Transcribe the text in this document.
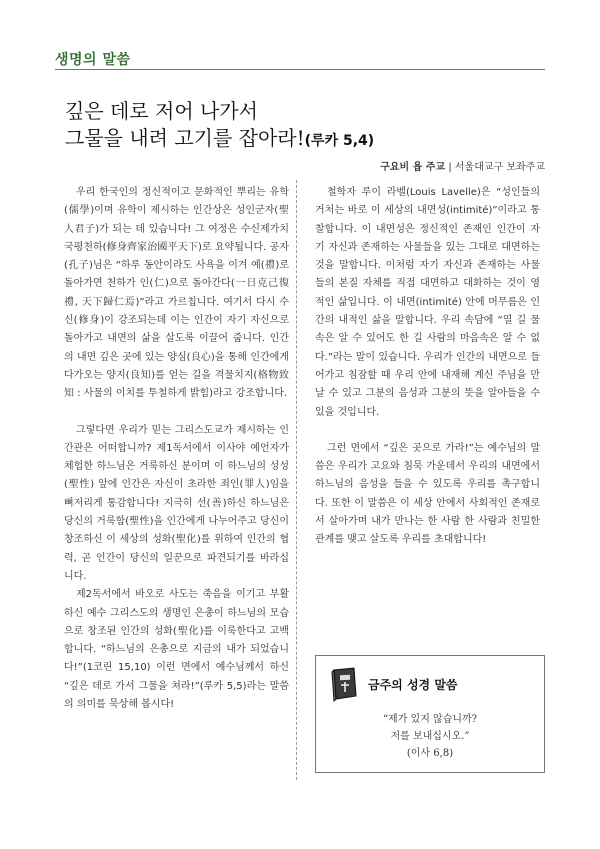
생명의 말씀
깊은 데로 저어 나가서
그물을 내려 고기를 잡아라!(루카 5,4)
구요비 욥 주교 | 서울대교구 보좌주교

우리 한국인의 정신적이고 문화적인 뿌리는 유학(儒學)이며 유학이 제시하는 인간상은 성인군자(聖人君子)가 되는 데 있습니다! 그 여정은 수신제가치국평천하(修身齊家治國平天下)로 요약됩니다. 공자(孔子)님은 “하루 동안이라도 사욕을 이겨 예(禮)로 돌아가면 천하가 인(仁)으로 돌아간다(一日克己復禮, 天下歸仁焉)”라고 가르칩니다. 여기서 다시 수신(修身)이 강조되는데 이는 인간이 자기 자신으로 돌아가고 내면의 삶을 살도록 이끌어 줍니다. 인간의 내면 깊은 곳에 있는 양심(良心)을 통해 인간에게 다가오는 양지(良知)를 얻는 길을 격물치지(格物致知 : 사물의 이치를 투철하게 밝힘)라고 강조합니다.

그렇다면 우리가 믿는 그리스도교가 제시하는 인간관은 어떠합니까? 제1독서에서 이사야 예언자가 체험한 하느님은 거룩하신 분이며 이 하느님의 성성(聖性) 앞에 인간은 자신이 초라한 죄인(罪人)임을 뼈저리게 통감합니다! 지극히 선(善)하신 하느님은 당신의 거룩함(聖性)을 인간에게 나누어주고 당신이 창조하신 이 세상의 성화(聖化)를 위하여 인간의 협력, 곧 인간이 당신의 일꾼으로 파견되기를 바라십니다.

제2독서에서 바오로 사도는 죽음을 이기고 부활하신 예수 그리스도의 생명인 은총이 하느님의 모습으로 창조된 인간의 성화(聖化)를 이룩한다고 고백합니다. “하느님의 은총으로 지금의 내가 되었습니다!”(1코린 15,10) 이런 면에서 예수님께서 하신 “깊은 데로 가서 그물을 쳐라!”(루카 5,5)라는 말씀의 의미를 묵상해 봅시다!

철학자 루이 라벨(Louis Lavelle)은 “성인들의 거처는 바로 이 세상의 내면성(intimité)”이라고 통찰합니다. 이 내면성은 정신적인 존재인 인간이 자기 자신과 존재하는 사물들을 있는 그대로 대면하는 것을 말합니다. 이처럼 자기 자신과 존재하는 사물들의 본질 자체를 직접 대면하고 대화하는 것이 영적인 삶입니다. 이 내면(intimité) 안에 머무름은 인간의 내적인 삶을 말합니다. 우리 속담에 “열 길 물속은 알 수 있어도 한 길 사람의 마음속은 알 수 없다.”라는 말이 있습니다. 우리가 인간의 내면으로 들어가고 침잠할 때 우리 안에 내재해 계신 주님을 만날 수 있고 그분의 음성과 그분의 뜻을 알아들을 수 있을 것입니다.

그런 면에서 “깊은 곳으로 가라!”는 예수님의 말씀은 우리가 고요와 침묵 가운데서 우리의 내면에서 하느님의 음성을 들을 수 있도록 우리를 촉구합니다. 또한 이 말씀은 이 세상 안에서 사회적인 존재로서 살아가며 내가 만나는 한 사람 한 사람과 친밀한 관계를 맺고 살도록 우리를 초대합니다!

금주의 성경 말씀
“제가 있지 않습니까?
저를 보내십시오.”
(이사 6,8)
